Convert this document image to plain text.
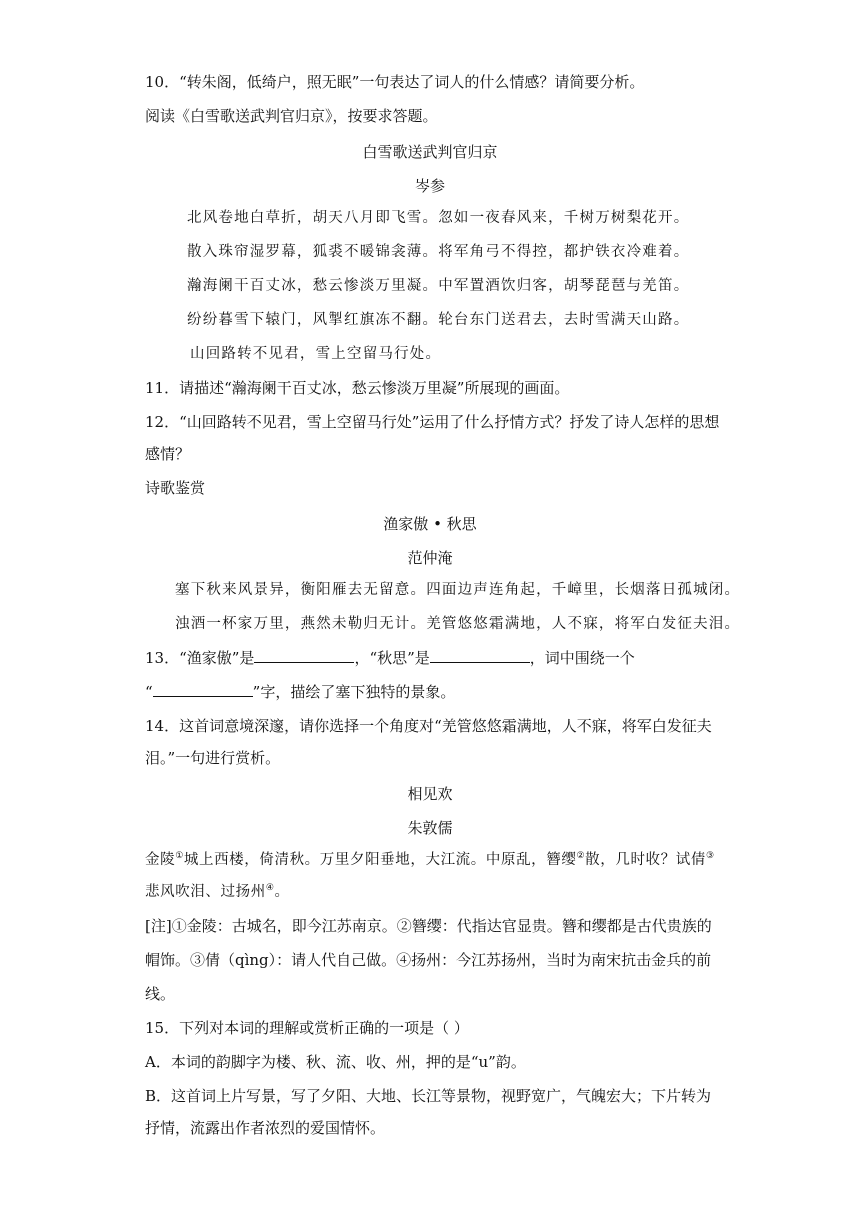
10．“转朱阁，低绮户，照无眠”一句表达了词人的什么情感？请简要分析。
阅读《白雪歌送武判官归京》，按要求答题。
白雪歌送武判官归京
岑参
北风卷地白草折，胡天八月即飞雪。忽如一夜春风来，千树万树梨花开。
散入珠帘湿罗幕，狐裘不暖锦衾薄。将军角弓不得控，都护铁衣冷难着。
瀚海阑干百丈冰，愁云惨淡万里凝。中军置酒饮归客，胡琴琵琶与羌笛。
纷纷暮雪下辕门，风掣红旗冻不翻。轮台东门送君去，去时雪满天山路。
山回路转不见君，雪上空留马行处。
11．请描述“瀚海阑干百丈冰，愁云惨淡万里凝”所展现的画面。
12．“山回路转不见君，雪上空留马行处”运用了什么抒情方式？抒发了诗人怎样的思想
感情？
诗歌鉴赏
渔家傲 • 秋思
范仲淹
塞下秋来风景异，衡阳雁去无留意。四面边声连角起，千嶂里，长烟落日孤城闭。
浊酒一杯家万里，燕然未勒归无计。羌管悠悠霜满地，人不寐，将军白发征夫泪。
13．“渔家傲”是	，“秋思”是	，词中围绕一个
“	”字，描绘了塞下独特的景象。
14．这首词意境深邃，请你选择一个角度对“羌管悠悠霜满地，人不寐，将军白发征夫
泪。”一句进行赏析。
相见欢
朱敦儒
金陵①城上西楼，倚清秋。万里夕阳垂地，大江流。中原乱，簪缨②散，几时收？试倩③
悲风吹泪、过扬州④。
[注]①金陵：古城名，即今江苏南京。②簪缨：代指达官显贵。簪和缨都是古代贵族的
帽饰。③倩（qìng）：请人代自己做。④扬州：今江苏扬州，当时为南宋抗击金兵的前
线。
15．下列对本词的理解或赏析正确的一项是（ ）
A．本词的韵脚字为楼、秋、流、收、州，押的是“u”韵。
B．这首词上片写景，写了夕阳、大地、长江等景物，视野宽广，气魄宏大；下片转为
抒情，流露出作者浓烈的爱国情怀。
